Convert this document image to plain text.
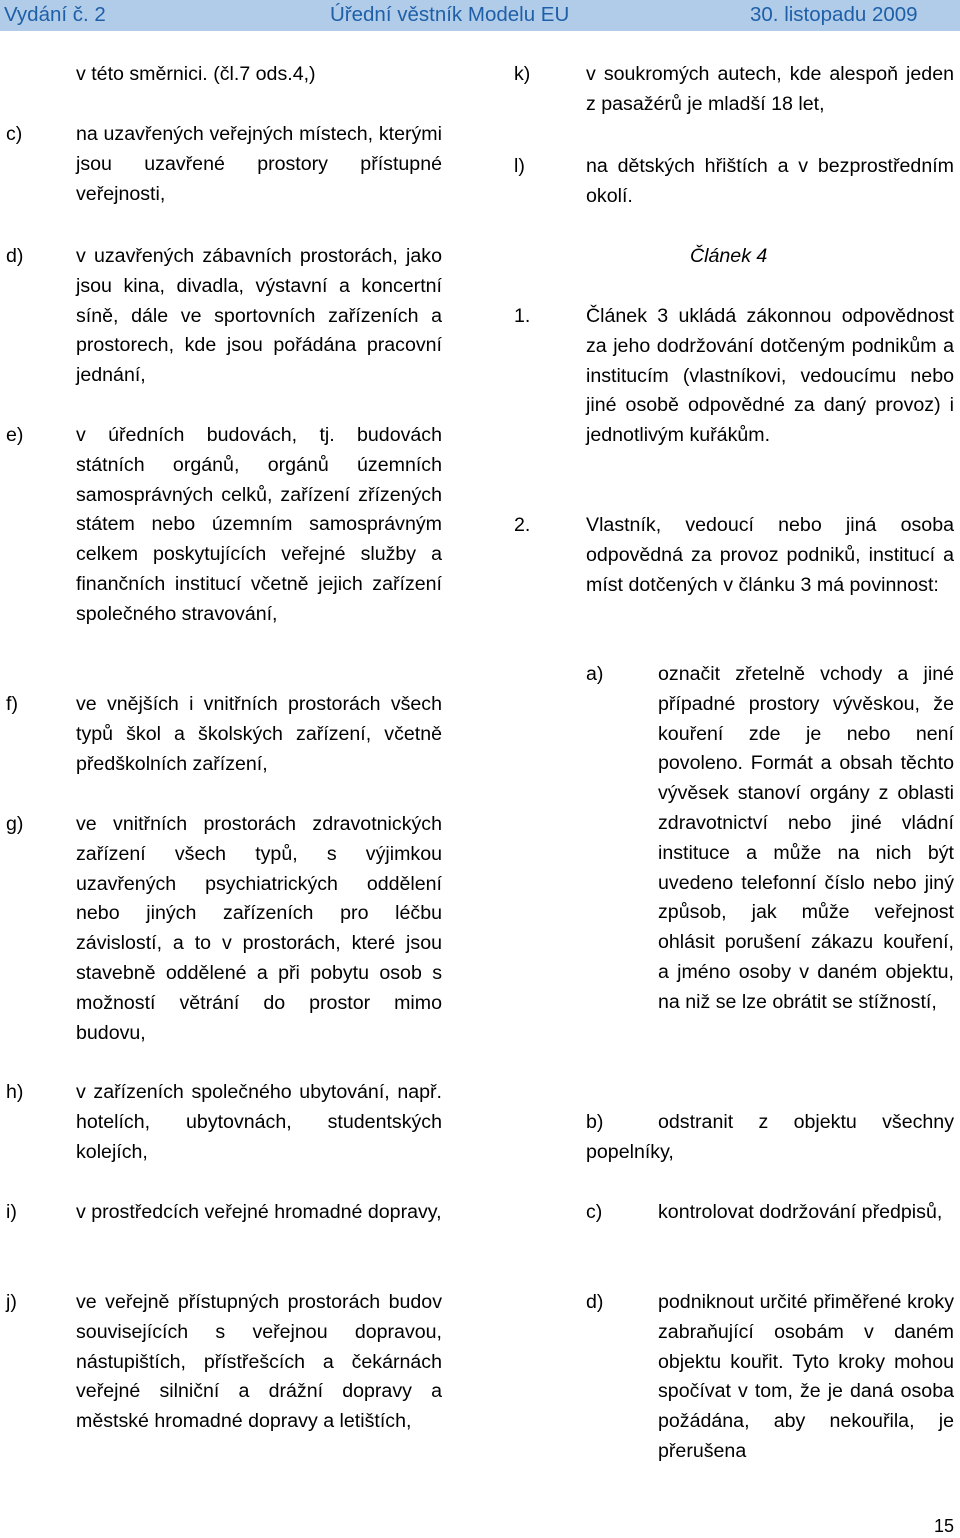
Vydání č. 2	Úřední věstník Modelu EU	30. listopadu 2009
v této směrnici. (čl.7 ods.4,)
c)	na uzavřených veřejných místech, kterými jsou uzavřené prostory přístupné veřejnosti,
d)	v uzavřených zábavních prostorách, jako jsou kina, divadla, výstavní a koncertní síně, dále ve sportovních zařízeních a prostorech, kde jsou pořádána pracovní jednání,
e)	v úředních budovách, tj. budovách státních orgánů, orgánů územních samosprávných celků, zařízení zřízených státem nebo územním samosprávným celkem poskytujících veřejné služby a finančních institucí včetně jejich zařízení společného stravování,
f)	ve vnějších i vnitřních prostorách všech typů škol a školských zařízení, včetně předškolních zařízení,
g)	ve vnitřních prostorách zdravotnických zařízení všech typů, s výjimkou uzavřených psychiatrických oddělení nebo jiných zařízeních pro léčbu závislostí, a to v prostorách, které jsou stavebně oddělené a při pobytu osob s možností větrání do prostor mimo budovu,
h)	v zařízeních společného ubytování, např. hotelích, ubytovnách, studentských kolejích,
i)	v prostředcích veřejné hromadné dopravy,
j)	ve veřejně přístupných prostorách budov souvisejících s veřejnou dopravou, nástupištích, přístřešcích a čekárnách veřejné silniční a drážní dopravy a městské hromadné dopravy a letištích,
k)	v soukromých autech, kde alespoň jeden z pasažérů je mladší 18 let,
l)	na dětských hřištích a v bezprostředním okolí.
Článek 4
1.	Článek 3 ukládá zákonnou odpovědnost za jeho dodržování dotčeným podnikům a institucím (vlastníkovi, vedoucímu nebo jiné osobě odpovědné za daný provoz) i jednotlivým kuřákům.
2.	Vlastník, vedoucí nebo jiná osoba odpovědná za provoz podniků, institucí a míst dotčených v článku 3 má povinnost:
a)	označit zřetelně vchody a jiné případné prostory vývěskou, že kouření zde je nebo není povoleno. Formát a obsah těchto vývěsek stanoví orgány z oblasti zdravotnictví nebo jiné vládní instituce a může na nich být uvedeno telefonní číslo nebo jiný způsob, jak může veřejnost ohlásit porušení zákazu kouření, a jméno osoby v daném objektu, na niž se lze obrátit se stížností,
b)	odstranit z objektu všechny popelníky,
c)	kontrolovat dodržování předpisů,
d)	podniknout určité přiměřené kroky zabraňující osobám v daném objektu kouřit. Tyto kroky mohou spočívat v tom, že je daná osoba požádána, aby nekouřila, je přerušena
15
